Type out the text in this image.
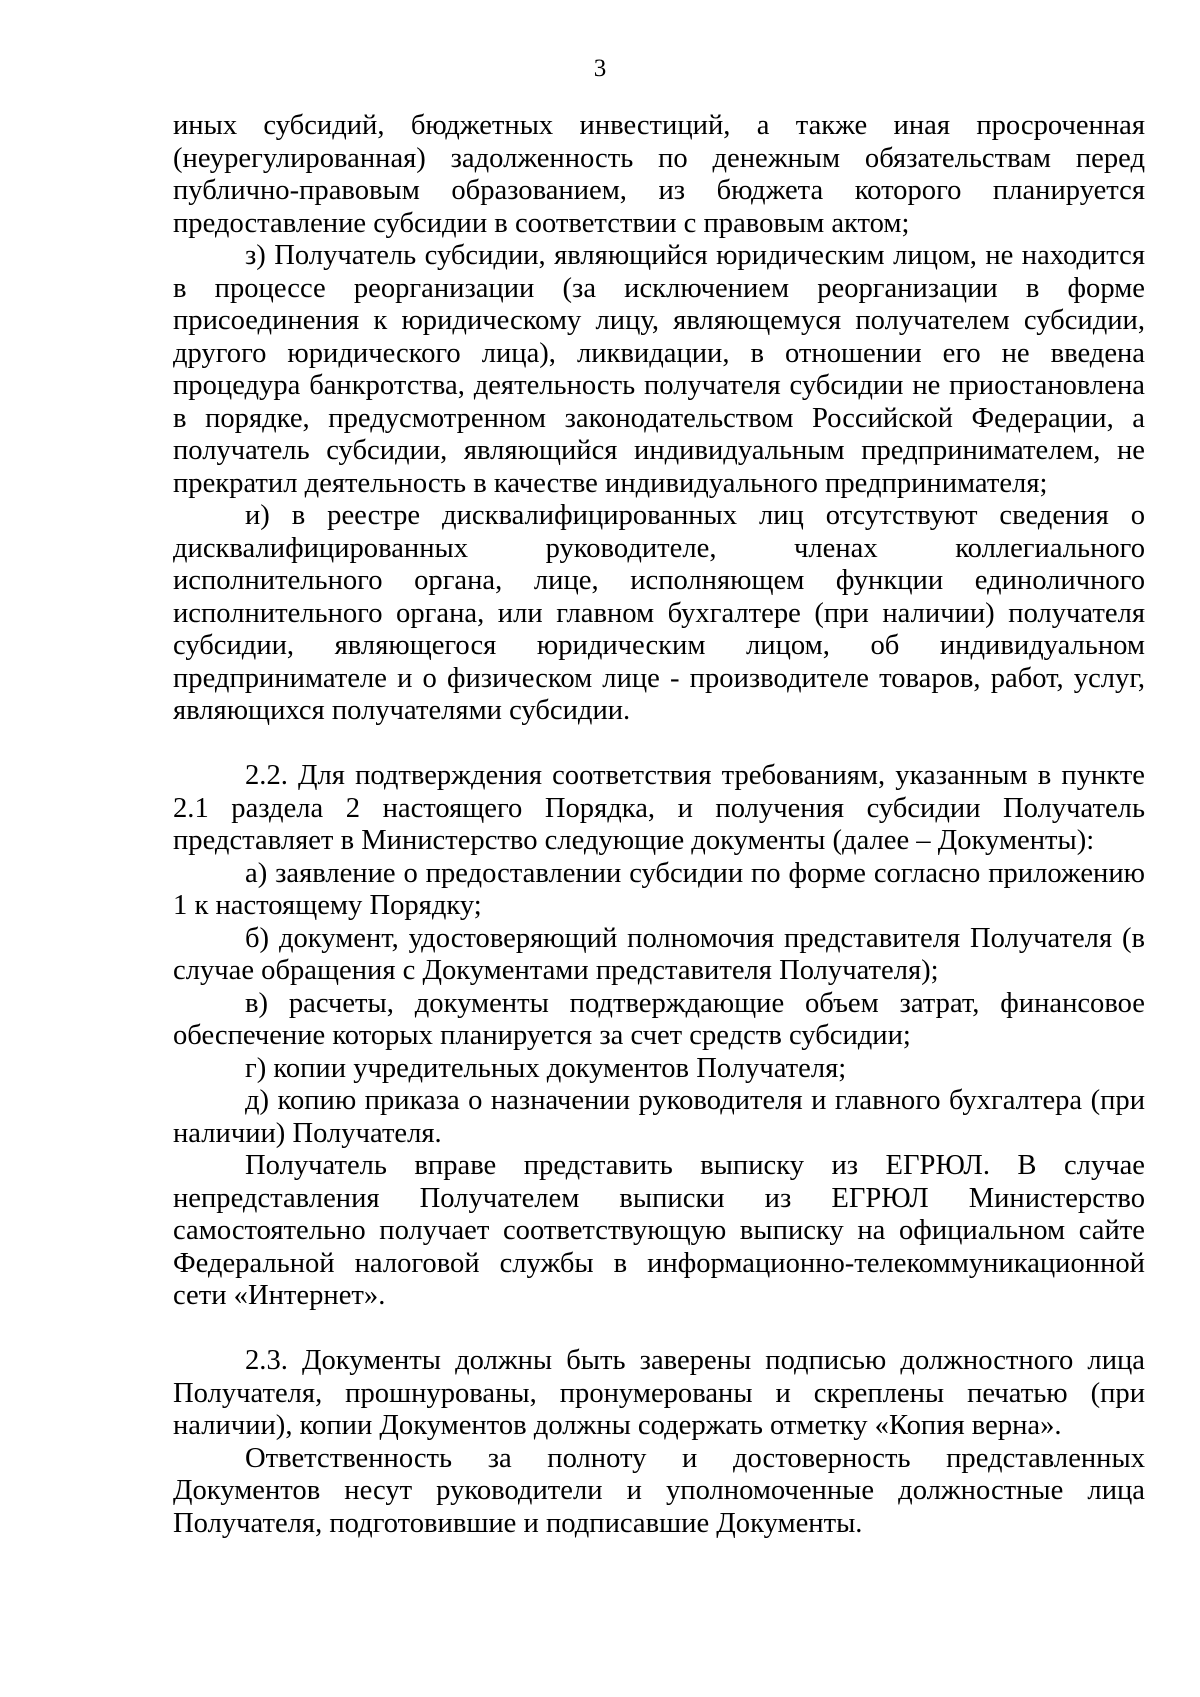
3

иных субсидий, бюджетных инвестиций, а также иная просроченная (неурегулированная) задолженность по денежным обязательствам перед публично-правовым образованием, из бюджета которого планируется предоставление субсидии в соответствии с правовым актом;

з) Получатель субсидии, являющийся юридическим лицом, не находится в процессе реорганизации (за исключением реорганизации в форме присоединения к юридическому лицу, являющемуся получателем субсидии, другого юридического лица), ликвидации, в отношении его не введена процедура банкротства, деятельность получателя субсидии не приостановлена в порядке, предусмотренном законодательством Российской Федерации, а получатель субсидии, являющийся индивидуальным предпринимателем, не прекратил деятельность в качестве индивидуального предпринимателя;

и) в реестре дисквалифицированных лиц отсутствуют сведения о дисквалифицированных руководителе, членах коллегиального исполнительного органа, лице, исполняющем функции единоличного исполнительного органа, или главном бухгалтере (при наличии) получателя субсидии, являющегося юридическим лицом, об индивидуальном предпринимателе и о физическом лице - производителе товаров, работ, услуг, являющихся получателями субсидии.

2.2. Для подтверждения соответствия требованиям, указанным в пункте 2.1 раздела 2 настоящего Порядка, и получения субсидии Получатель представляет в Министерство следующие документы (далее – Документы):

а) заявление о предоставлении субсидии по форме согласно приложению 1 к настоящему Порядку;

б) документ, удостоверяющий полномочия представителя Получателя (в случае обращения с Документами представителя Получателя);

в) расчеты, документы подтверждающие объем затрат, финансовое обеспечение которых планируется за счет средств субсидии;

г) копии учредительных документов Получателя;

д) копию приказа о назначении руководителя и главного бухгалтера (при наличии) Получателя.

Получатель вправе представить выписку из ЕГРЮЛ. В случае непредставления Получателем выписки из ЕГРЮЛ Министерство самостоятельно получает соответствующую выписку на официальном сайте Федеральной налоговой службы в информационно-телекоммуникационной сети «Интернет».

2.3. Документы должны быть заверены подписью должностного лица Получателя, прошнурованы, пронумерованы и скреплены печатью (при наличии), копии Документов должны содержать отметку «Копия верна».

Ответственность за полноту и достоверность представленных Документов несут руководители и уполномоченные должностные лица Получателя, подготовившие и подписавшие Документы.
